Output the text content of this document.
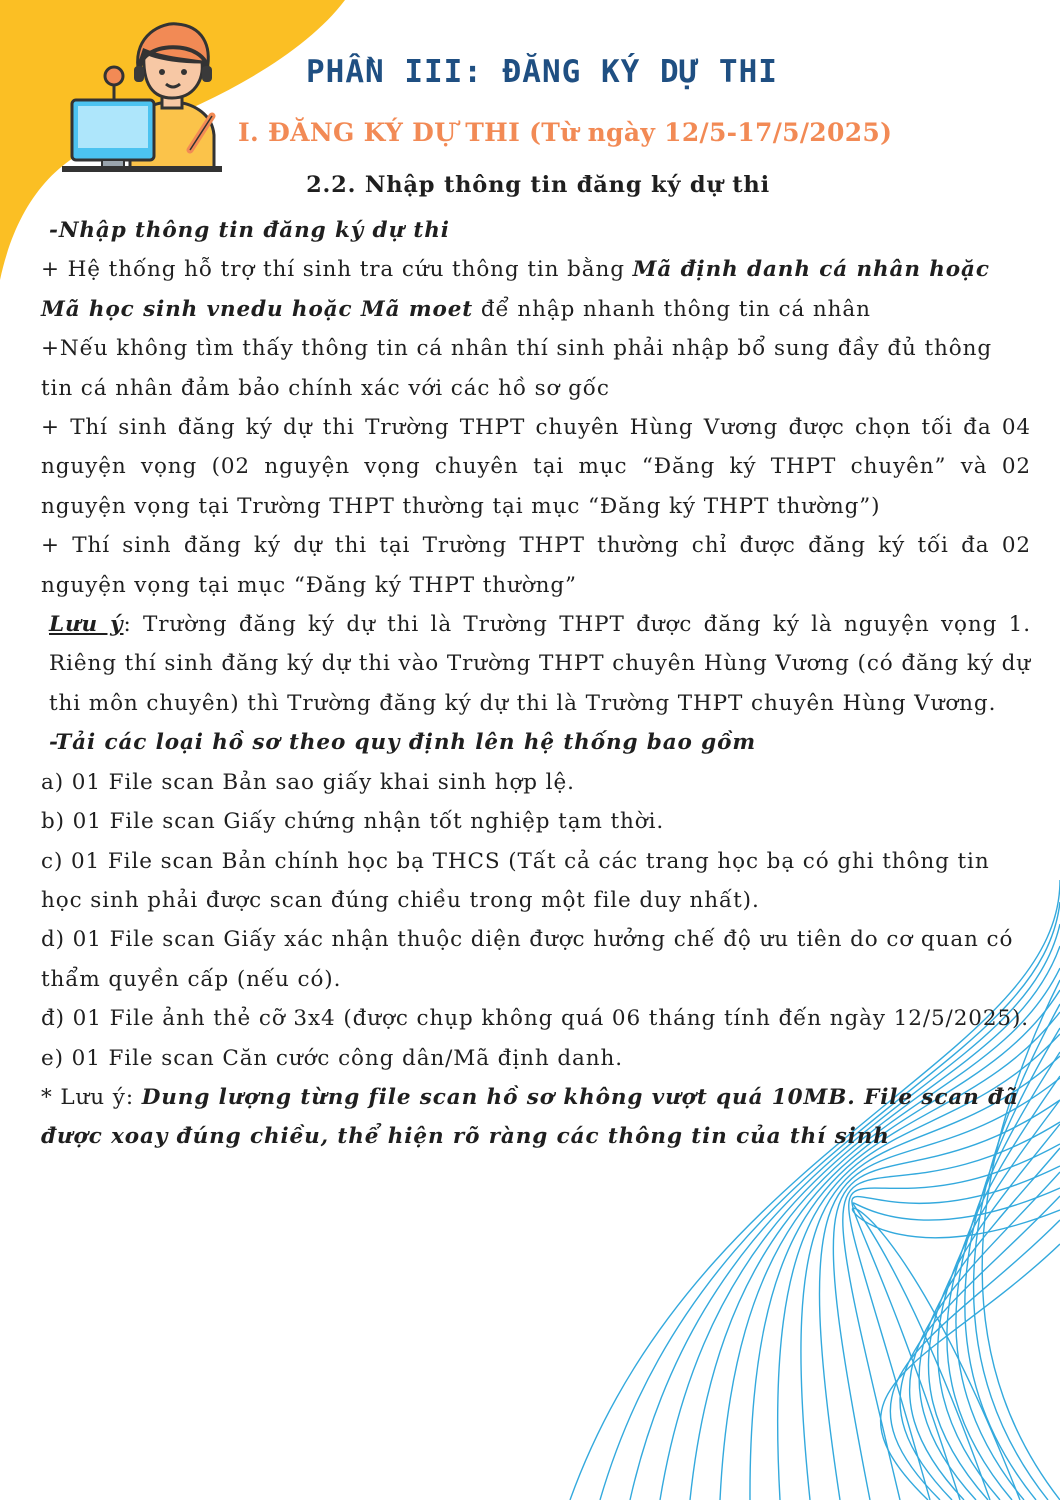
PHẦN III: ĐĂNG KÝ DỰ THI
I. ĐĂNG KÝ DỰ THI (Từ ngày 12/5-17/5/2025)
2.2. Nhập thông tin đăng ký dự thi

-Nhập thông tin đăng ký dự thi

+ Hệ thống hỗ trợ thí sinh tra cứu thông tin bằng Mã định danh cá nhân hoặc Mã học sinh vnedu hoặc Mã moet để nhập nhanh thông tin cá nhân

+Nếu không tìm thấy thông tin cá nhân thí sinh phải nhập bổ sung đầy đủ thông tin cá nhân đảm bảo chính xác với các hồ sơ gốc

+ Thí sinh đăng ký dự thi Trường THPT chuyên Hùng Vương được chọn tối đa 04 nguyện vọng (02 nguyện vọng chuyên tại mục “Đăng ký THPT chuyên” và 02 nguyện vọng tại Trường THPT thường tại mục “Đăng ký THPT thường”)

+ Thí sinh đăng ký dự thi tại Trường THPT thường chỉ được đăng ký tối đa 02 nguyện vọng tại mục “Đăng ký THPT thường”

Lưu ý: Trường đăng ký dự thi là Trường THPT được đăng ký là nguyện vọng 1. Riêng thí sinh đăng ký dự thi vào Trường THPT chuyên Hùng Vương (có đăng ký dự thi môn chuyên) thì Trường đăng ký dự thi là Trường THPT chuyên Hùng Vương.

-Tải các loại hồ sơ theo quy định lên hệ thống bao gồm

a) 01 File scan Bản sao giấy khai sinh hợp lệ.

b) 01 File scan Giấy chứng nhận tốt nghiệp tạm thời.

c) 01 File scan Bản chính học bạ THCS (Tất cả các trang học bạ có ghi thông tin học sinh phải được scan đúng chiều trong một file duy nhất).

d) 01 File scan Giấy xác nhận thuộc diện được hưởng chế độ ưu tiên do cơ quan có thẩm quyền cấp (nếu có).

đ) 01 File ảnh thẻ cỡ 3x4 (được chụp không quá 06 tháng tính đến ngày 12/5/2025).

e) 01 File scan Căn cước công dân/Mã định danh.

* Lưu ý: Dung lượng từng file scan hồ sơ không vượt quá 10MB. File scan đã được xoay đúng chiều, thể hiện rõ ràng các thông tin của thí sinh
